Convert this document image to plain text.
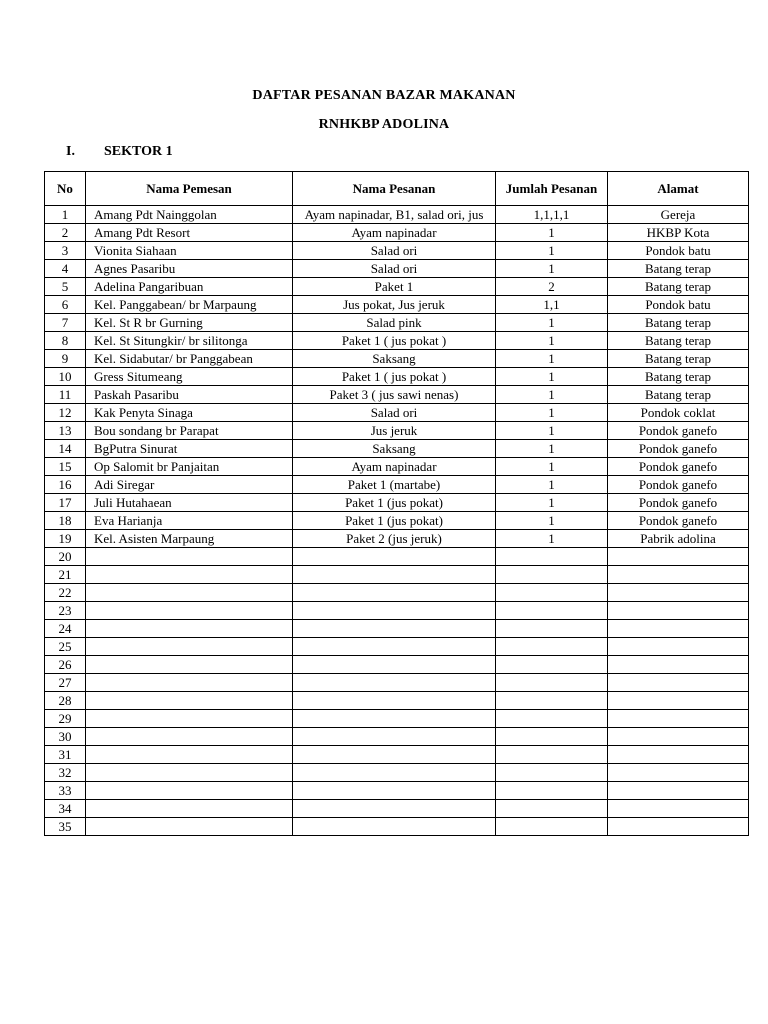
DAFTAR PESANAN BAZAR MAKANAN
RNHKBP ADOLINA
I. SEKTOR 1
No	Nama Pemesan	Nama Pesanan	Jumlah Pesanan	Alamat
1	Amang Pdt Nainggolan	Ayam napinadar, B1, salad ori, jus	1,1,1,1	Gereja
2	Amang Pdt Resort	Ayam napinadar	1	HKBP Kota
3	Vionita Siahaan	Salad ori	1	Pondok batu
4	Agnes Pasaribu	Salad ori	1	Batang terap
5	Adelina Pangaribuan	Paket 1	2	Batang terap
6	Kel. Panggabean/ br Marpaung	Jus pokat, Jus jeruk	1,1	Pondok batu
7	Kel. St R br Gurning	Salad pink	1	Batang terap
8	Kel. St Situngkir/ br silitonga	Paket 1 ( jus pokat )	1	Batang terap
9	Kel. Sidabutar/ br Panggabean	Saksang	1	Batang terap
10	Gress Situmeang	Paket 1 ( jus pokat )	1	Batang terap
11	Paskah Pasaribu	Paket 3 ( jus sawi nenas)	1	Batang terap
12	Kak Penyta Sinaga	Salad ori	1	Pondok coklat
13	Bou sondang br Parapat	Jus jeruk	1	Pondok ganefo
14	BgPutra Sinurat	Saksang	1	Pondok ganefo
15	Op Salomit br Panjaitan	Ayam napinadar	1	Pondok ganefo
16	Adi Siregar	Paket 1 (martabe)	1	Pondok ganefo
17	Juli Hutahaean	Paket 1 (jus pokat)	1	Pondok ganefo
18	Eva Harianja	Paket 1 (jus pokat)	1	Pondok ganefo
19	Kel. Asisten Marpaung	Paket 2 (jus jeruk)	1	Pabrik adolina
20				
21				
22				
23				
24				
25				
26				
27				
28				
29				
30				
31				
32				
33				
34				
35				
